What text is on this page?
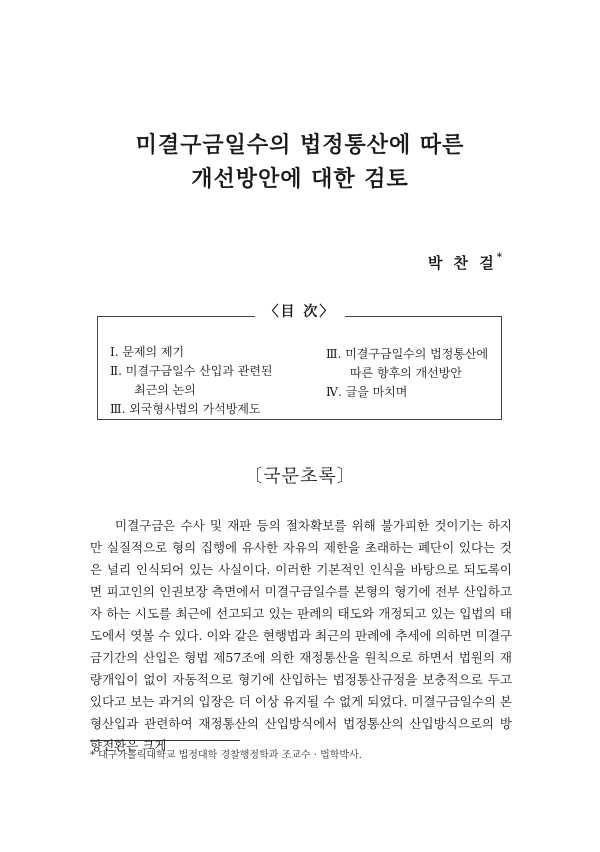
미결구금일수의 법정통산에 따른
개선방안에 대한 검토
박 찬 걸*
〈目 次〉
Ⅰ. 문제의 제기
Ⅱ. 미결구금일수 산입과 관련된
최근의 논의
Ⅲ. 외국형사법의 가석방제도
Ⅲ. 미결구금일수의 법정통산에
따른 향후의 개선방안
Ⅳ. 글을 마치며
〔국문초록〕
미결구금은 수사 및 재판 등의 절차확보를 위해 불가피한 것이기는 하지만 실질적으로 형의 집행에 유사한 자유의 제한을 초래하는 폐단이 있다는 것은 널리 인식되어 있는 사실이다. 이러한 기본적인 인식을 바탕으로 되도록이면 피고인의 인권보장 측면에서 미결구금일수를 본형의 형기에 전부 산입하고자 하는 시도를 최근에 선고되고 있는 판례의 태도와 개정되고 있는 입법의 태도에서 엿볼 수 있다. 이와 같은 현행법과 최근의 판례에 추세에 의하면 미결구금기간의 산입은 형법 제57조에 의한 재정통산을 원칙으로 하면서 법원의 재량개입이 없이 자동적으로 형기에 산입하는 법정통산규정을 보충적으로 두고 있다고 보는 과거의 입장은 더 이상 유지될 수 없게 되었다. 미결구금일수의 본형산입과 관련하여 재정통산의 산입방식에서 법정통산의 산입방식으로의 방향전환은 크게
* 대구가톨릭대학교 법정대학 경찰행정학과 조교수 · 법학박사.
